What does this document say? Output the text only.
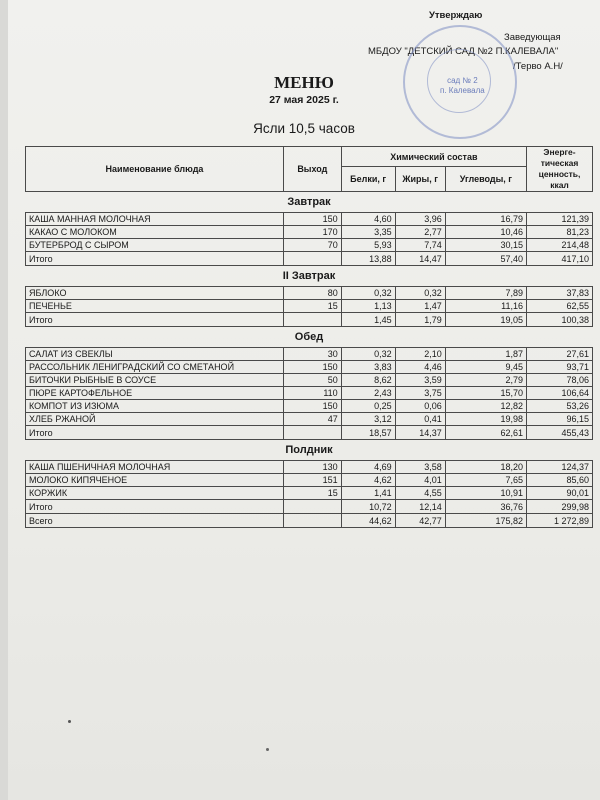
Утверждаю
Заведующая
МБДОУ "ДЕТСКИЙ САД №2 П.КАЛЕВАЛА"
/Терво А.Н/
сад № 2
п. Калевала
МЕНЮ
27 мая 2025 г.
Ясли 10,5 часов
Наименование блюда	Выход	Химический состав			Энерге-тическая ценность, ккал
		Белки, г	Жиры, г	Углеводы, г	
Завтрак					
КАША МАННАЯ МОЛОЧНАЯ	150	4,60	3,96	16,79	121,39
КАКАО С МОЛОКОМ	170	3,35	2,77	10,46	81,23
БУТЕРБРОД С СЫРОМ	70	5,93	7,74	30,15	214,48
Итого		13,88	14,47	57,40	417,10
II Завтрак					
ЯБЛОКО	80	0,32	0,32	7,89	37,83
ПЕЧЕНЬЕ	15	1,13	1,47	11,16	62,55
Итого		1,45	1,79	19,05	100,38
Обед					
САЛАТ ИЗ СВЕКЛЫ	30	0,32	2,10	1,87	27,61
РАССОЛЬНИК ЛЕНИГРАДСКИЙ СО СМЕТАНОЙ	150	3,83	4,46	9,45	93,71
БИТОЧКИ РЫБНЫЕ В СОУСЕ	50	8,62	3,59	2,79	78,06
ПЮРЕ КАРТОФЕЛЬНОЕ	110	2,43	3,75	15,70	106,64
КОМПОТ ИЗ ИЗЮМА	150	0,25	0,06	12,82	53,26
ХЛЕБ РЖАНОЙ	47	3,12	0,41	19,98	96,15
Итого		18,57	14,37	62,61	455,43
Полдник					
КАША ПШЕНИЧНАЯ МОЛОЧНАЯ	130	4,69	3,58	18,20	124,37
МОЛОКО КИПЯЧЕНОЕ	151	4,62	4,01	7,65	85,60
КОРЖИК	15	1,41	4,55	10,91	90,01
Итого		10,72	12,14	36,76	299,98
Всего		44,62	42,77	175,82	1 272,89
